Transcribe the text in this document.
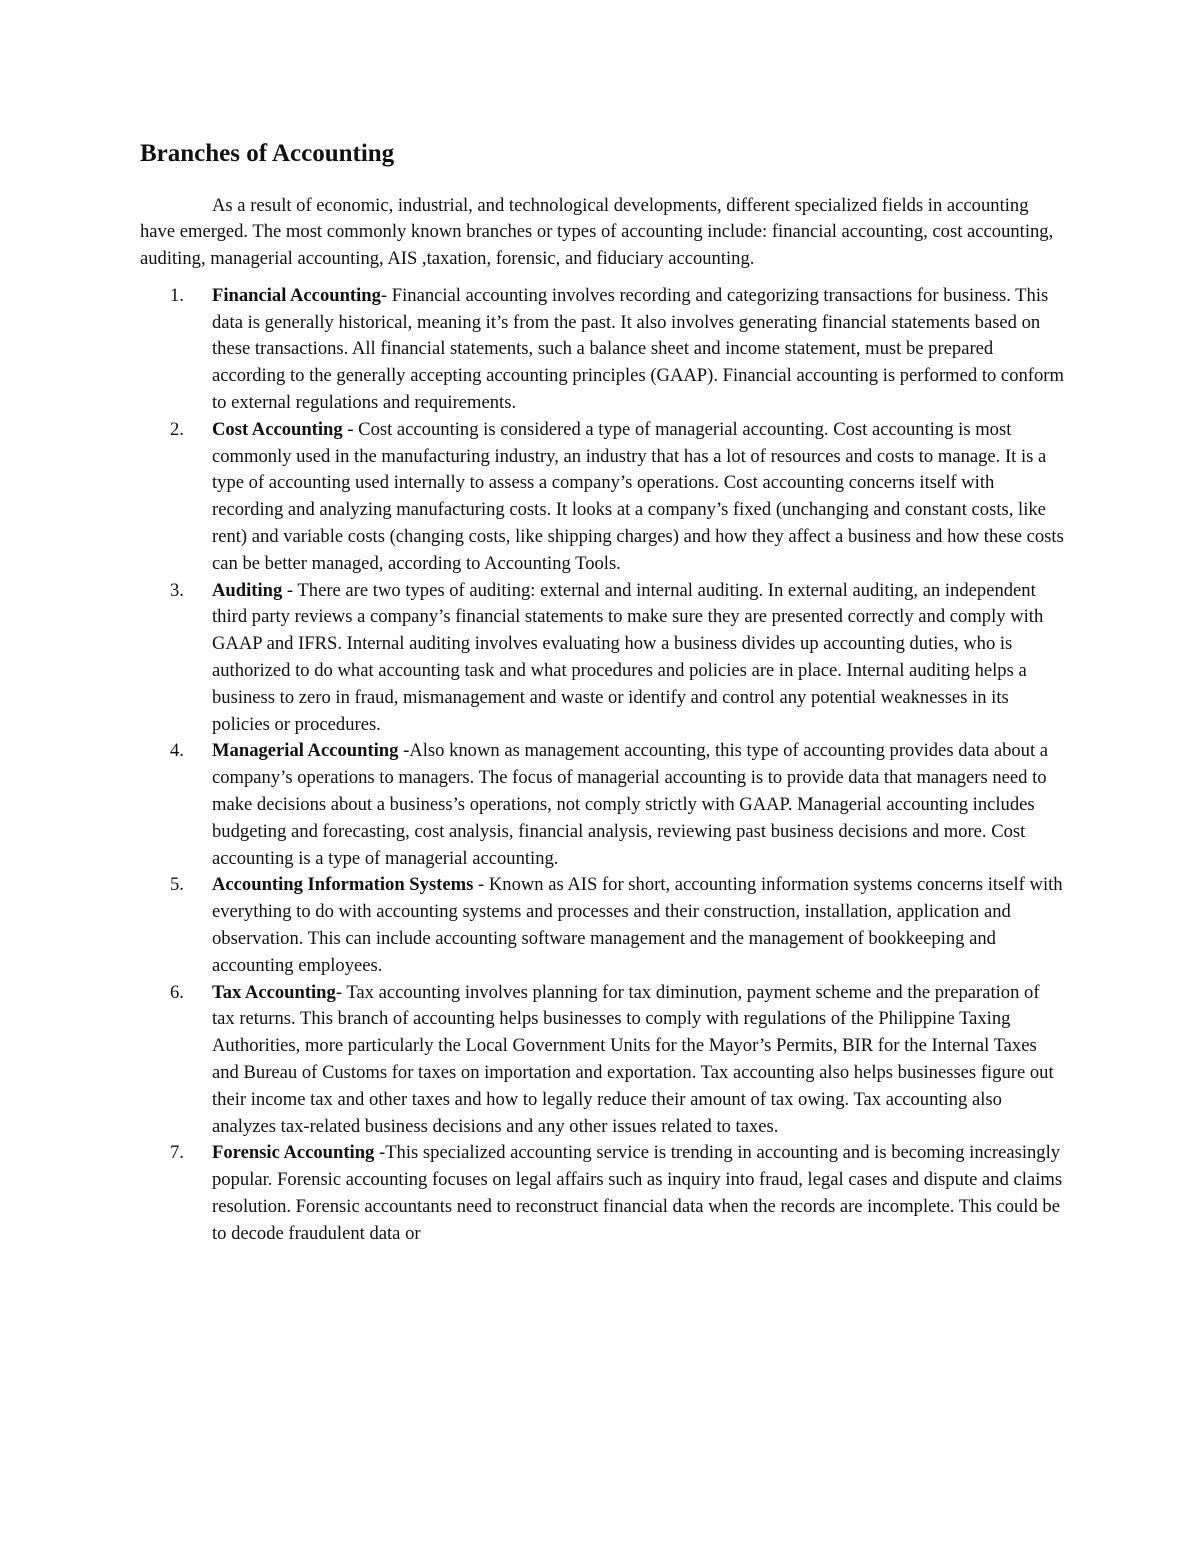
Branches of Accounting

As a result of economic, industrial, and technological developments, different specialized fields in accounting have emerged. The most commonly known branches or types of accounting include: financial accounting, cost accounting, auditing, managerial accounting, AIS ,taxation, forensic, and fiduciary accounting.

1.	Financial Accounting- Financial accounting involves recording and categorizing transactions for business. This data is generally historical, meaning it’s from the past. It also involves generating financial statements based on these transactions. All financial statements, such a balance sheet and income statement, must be prepared according to the generally accepting accounting principles (GAAP). Financial accounting is performed to conform to external regulations and requirements.
2.	Cost Accounting - Cost accounting is considered a type of managerial accounting. Cost accounting is most commonly used in the manufacturing industry, an industry that has a lot of resources and costs to manage. It is a type of accounting used internally to assess a company’s operations. Cost accounting concerns itself with recording and analyzing manufacturing costs. It looks at a company’s fixed (unchanging and constant costs, like rent) and variable costs (changing costs, like shipping charges) and how they affect a business and how these costs can be better managed, according to Accounting Tools.
3.	Auditing - There are two types of auditing: external and internal auditing. In external auditing, an independent third party reviews a company’s financial statements to make sure they are presented correctly and comply with GAAP and IFRS. Internal auditing involves evaluating how a business divides up accounting duties, who is authorized to do what accounting task and what procedures and policies are in place. Internal auditing helps a business to zero in fraud, mismanagement and waste or identify and control any potential weaknesses in its policies or procedures.
4.	Managerial Accounting -Also known as management accounting, this type of accounting provides data about a company’s operations to managers. The focus of managerial accounting is to provide data that managers need to make decisions about a business’s operations, not comply strictly with GAAP. Managerial accounting includes budgeting and forecasting, cost analysis, financial analysis, reviewing past business decisions and more. Cost accounting is a type of managerial accounting.
5.	Accounting Information Systems - Known as AIS for short, accounting information systems concerns itself with everything to do with accounting systems and processes and their construction, installation, application and observation. This can include accounting software management and the management of bookkeeping and accounting employees.
6.	Tax Accounting- Tax accounting involves planning for tax diminution, payment scheme and the preparation of tax returns. This branch of accounting helps businesses to comply with regulations of the Philippine Taxing Authorities, more particularly the Local Government Units for the Mayor’s Permits, BIR for the Internal Taxes and Bureau of Customs for taxes on importation and exportation. Tax accounting also helps businesses figure out their income tax and other taxes and how to legally reduce their amount of tax owing. Tax accounting also analyzes tax-related business decisions and any other issues related to taxes.
7.	Forensic Accounting -This specialized accounting service is trending in accounting and is becoming increasingly popular. Forensic accounting focuses on legal affairs such as inquiry into fraud, legal cases and dispute and claims resolution. Forensic accountants need to reconstruct financial data when the records are incomplete. This could be to decode fraudulent data or
